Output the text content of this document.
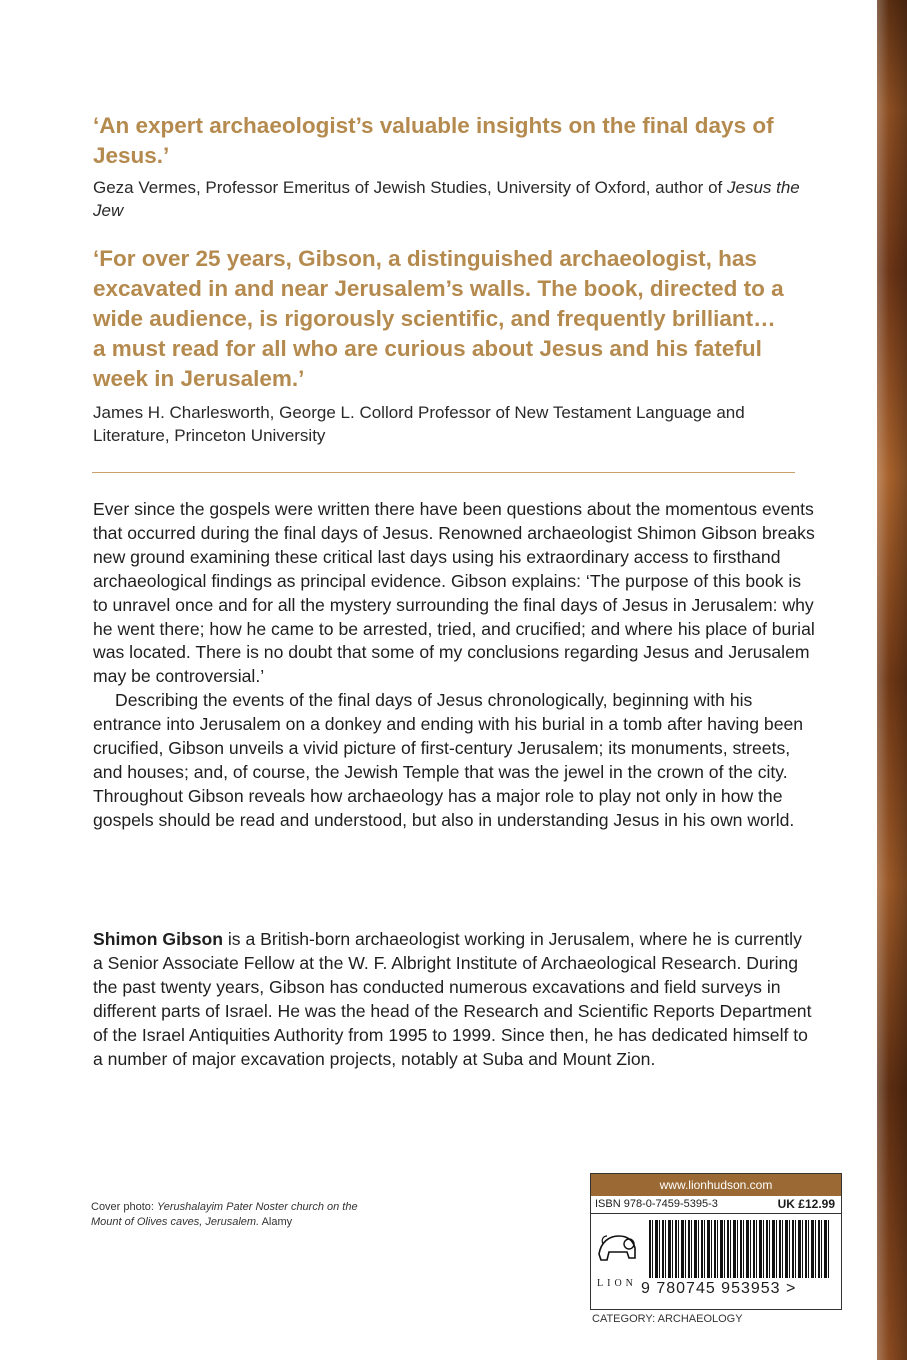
‘An expert archaeologist’s valuable insights on the final days of Jesus.’

Geza Vermes, Professor Emeritus of Jewish Studies, University of Oxford, author of Jesus the Jew

‘For over 25 years, Gibson, a distinguished archaeologist, has excavated in and near Jerusalem’s walls. The book, directed to a wide audience, is rigorously scientific, and frequently brilliant… a must read for all who are curious about Jesus and his fateful week in Jerusalem.’

James H. Charlesworth, George L. Collord Professor of New Testament Language and Literature, Princeton University

Ever since the gospels were written there have been questions about the momentous events that occurred during the final days of Jesus. Renowned archaeologist Shimon Gibson breaks new ground examining these critical last days using his extraordinary access to firsthand archaeological findings as principal evidence. Gibson explains: ‘The purpose of this book is to unravel once and for all the mystery surrounding the final days of Jesus in Jerusalem: why he went there; how he came to be arrested, tried, and crucified; and where his place of burial was located. There is no doubt that some of my conclusions regarding Jesus and Jerusalem may be controversial.’

Describing the events of the final days of Jesus chronologically, beginning with his entrance into Jerusalem on a donkey and ending with his burial in a tomb after having been crucified, Gibson unveils a vivid picture of first-century Jerusalem; its monuments, streets, and houses; and, of course, the Jewish Temple that was the jewel in the crown of the city. Throughout Gibson reveals how archaeology has a major role to play not only in how the gospels should be read and understood, but also in understanding Jesus in his own world.

Shimon Gibson is a British-born archaeologist working in Jerusalem, where he is currently a Senior Associate Fellow at the W. F. Albright Institute of Archaeological Research. During the past twenty years, Gibson has conducted numerous excavations and field surveys in different parts of Israel. He was the head of the Research and Scientific Reports Department of the Israel Antiquities Authority from 1995 to 1999. Since then, he has dedicated himself to a number of major excavation projects, notably at Suba and Mount Zion.

Cover photo: Yerushalayim Pater Noster church on the Mount of Olives caves, Jerusalem. Alamy
www.lionhudson.com
ISBN 978-0-7459-5395-3	UK £12.99
LION 9 780745 953953 >
CATEGORY: ARCHAEOLOGY
